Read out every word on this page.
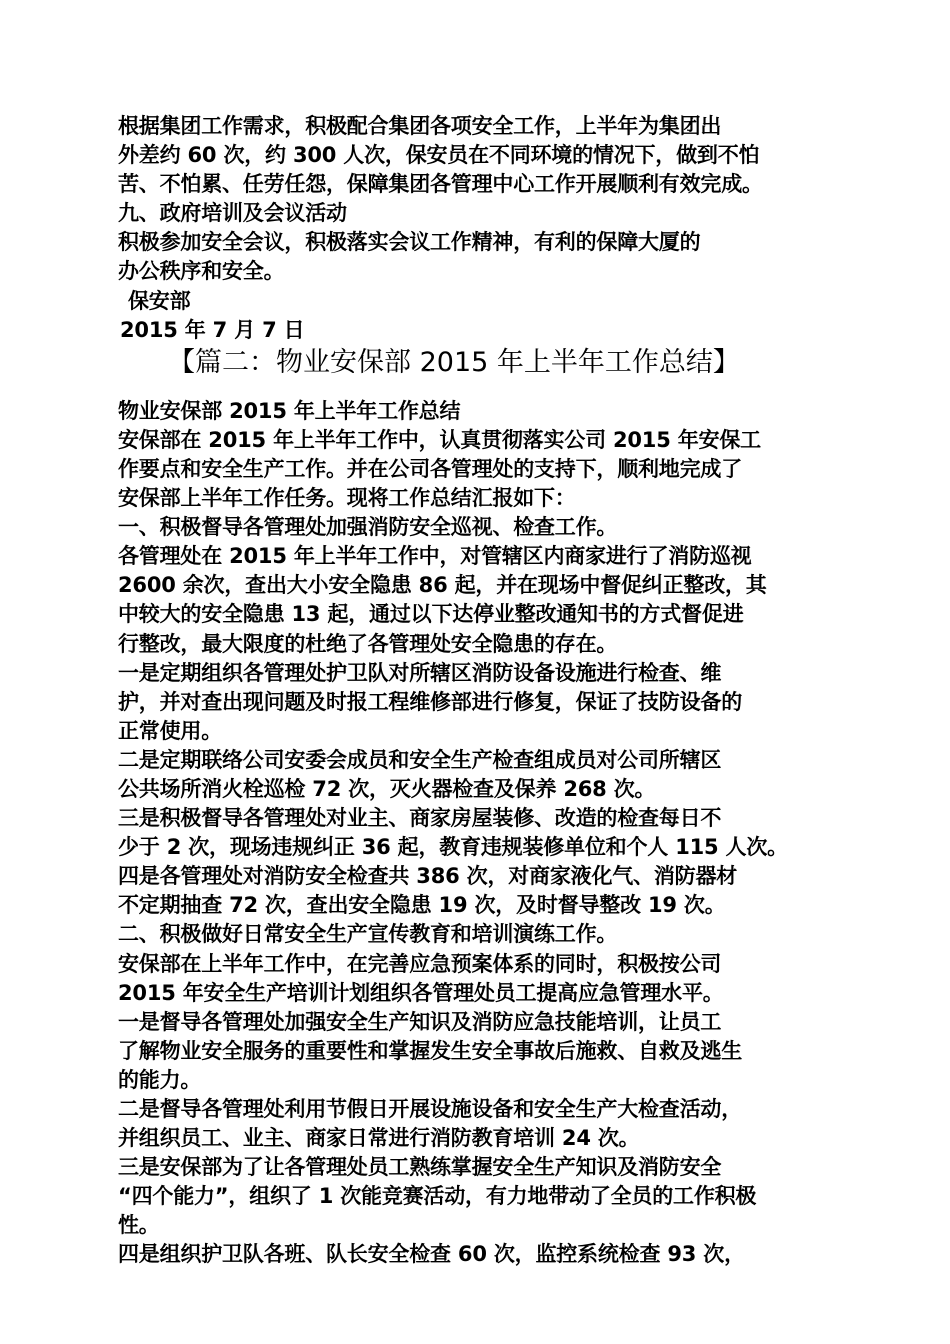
根据集团工作需求，积极配合集团各项安全工作，上半年为集团出
外差约 60 次，约 300 人次，保安员在不同环境的情况下，做到不怕
苦、不怕累、任劳任怨，保障集团各管理中心工作开展顺利有效完成。
九、政府培训及会议活动
积极参加安全会议，积极落实会议工作精神，有利的保障大厦的
办公秩序和安全。
保安部
2015 年 7 月 7 日
【篇二：物业安保部 2015 年上半年工作总结】
物业安保部 2015 年上半年工作总结
安保部在 2015 年上半年工作中，认真贯彻落实公司 2015 年安保工
作要点和安全生产工作。并在公司各管理处的支持下，顺利地完成了
安保部上半年工作任务。现将工作总结汇报如下：
一、积极督导各管理处加强消防安全巡视、检查工作。
各管理处在 2015 年上半年工作中，对管辖区内商家进行了消防巡视
2600 余次，查出大小安全隐患 86 起，并在现场中督促纠正整改，其
中较大的安全隐患 13 起，通过以下达停业整改通知书的方式督促进
行整改，最大限度的杜绝了各管理处安全隐患的存在。
一是定期组织各管理处护卫队对所辖区消防设备设施进行检查、维
护，并对查出现问题及时报工程维修部进行修复，保证了技防设备的
正常使用。
二是定期联络公司安委会成员和安全生产检查组成员对公司所辖区
公共场所消火栓巡检 72 次，灭火器检查及保养 268 次。
三是积极督导各管理处对业主、商家房屋装修、改造的检查每日不
少于 2 次，现场违规纠正 36 起，教育违规装修单位和个人 115 人次。
四是各管理处对消防安全检查共 386 次，对商家液化气、消防器材
不定期抽查 72 次，查出安全隐患 19 次，及时督导整改 19 次。
二、积极做好日常安全生产宣传教育和培训演练工作。
安保部在上半年工作中，在完善应急预案体系的同时，积极按公司
2015 年安全生产培训计划组织各管理处员工提高应急管理水平。
一是督导各管理处加强安全生产知识及消防应急技能培训，让员工
了解物业安全服务的重要性和掌握发生安全事故后施救、自救及逃生
的能力。
二是督导各管理处利用节假日开展设施设备和安全生产大检查活动，
并组织员工、业主、商家日常进行消防教育培训 24 次。
三是安保部为了让各管理处员工熟练掌握安全生产知识及消防安全
“四个能力”，组织了 1 次能竞赛活动，有力地带动了全员的工作积极
性。
四是组织护卫队各班、队长安全检查 60 次，监控系统检查 93 次，
